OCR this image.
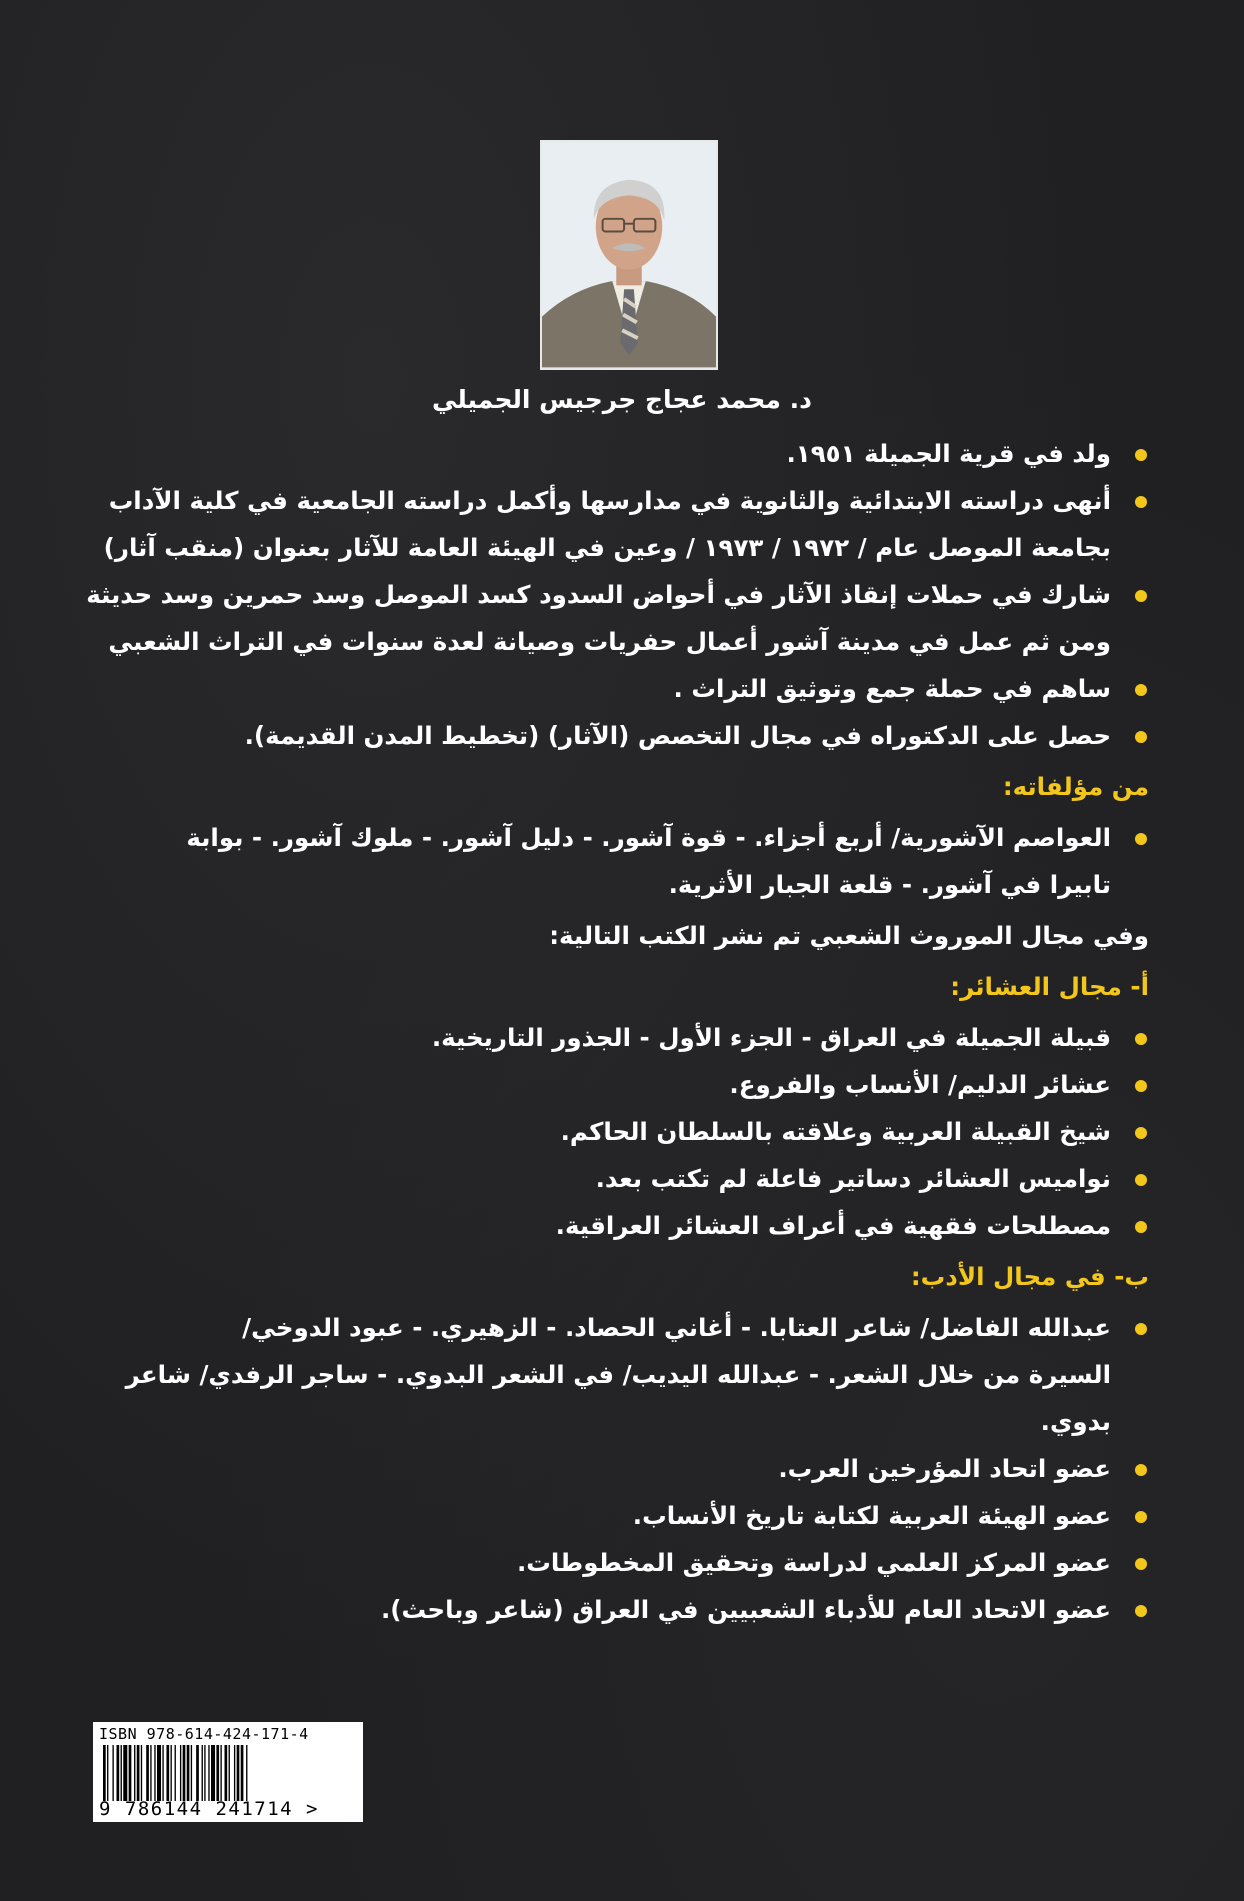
د. محمد عجاج جرجيس الجميلي
ولد في قرية الجميلة ١٩٥١.
أنهى دراسته الابتدائية والثانوية في مدارسها وأكمل دراسته الجامعية في كلية الآداب
بجامعة الموصل عام / ١٩٧٢ / ١٩٧٣ / وعين في الهيئة العامة للآثار بعنوان (منقب آثار)
شارك في حملات إنقاذ الآثار في أحواض السدود كسد الموصل وسد حمرين وسد حديثة
ومن ثم عمل في مدينة آشور أعمال حفريات وصيانة لعدة سنوات في التراث الشعبي
ساهم في حملة جمع وتوثيق التراث .
حصل على الدكتوراه في مجال التخصص (الآثار) (تخطيط المدن القديمة).
من مؤلفاته:
العواصم الآشورية/ أربع أجزاء. - قوة آشور. - دليل آشور. - ملوك آشور. - بوابة
تابيرا في آشور. - قلعة الجبار الأثرية.
وفي مجال الموروث الشعبي تم نشر الكتب التالية:
أ- مجال العشائر:
قبيلة الجميلة في العراق - الجزء الأول - الجذور التاريخية.
عشائر الدليم/ الأنساب والفروع.
شيخ القبيلة العربية وعلاقته بالسلطان الحاكم.
نواميس العشائر دساتير فاعلة لم تكتب بعد.
مصطلحات فقهية في أعراف العشائر العراقية.
ب- في مجال الأدب:
عبدالله الفاضل/ شاعر العتابا. - أغاني الحصاد. - الزهيري. - عبود الدوخي/
السيرة من خلال الشعر. - عبدالله اليديب/ في الشعر البدوي. - ساجر الرفدي/ شاعر
بدوي.
عضو اتحاد المؤرخين العرب.
عضو الهيئة العربية لكتابة تاريخ الأنساب.
عضو المركز العلمي لدراسة وتحقيق المخطوطات.
عضو الاتحاد العام للأدباء الشعبيين في العراق (شاعر وباحث).
ISBN 978-614-424-171-4
9 786144 241714 >
